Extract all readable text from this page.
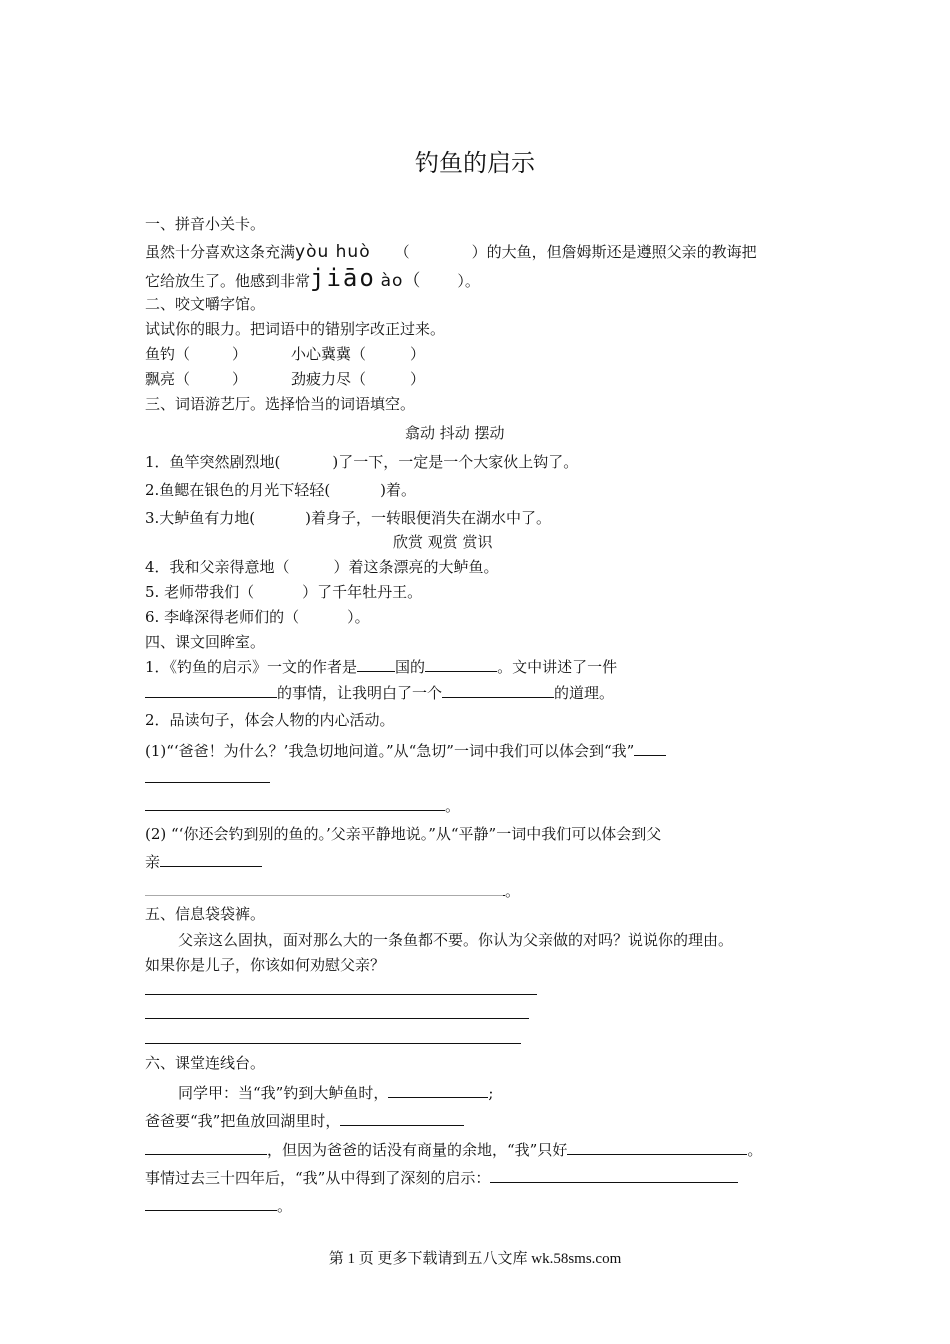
钓鱼的启示
一、拼音小关卡。
虽然十分喜欢这条充满yòu huò （	）的大鱼，但詹姆斯还是遵照父亲的教诲把
它给放生了。他感到非常jiāo ào（ ）。
二、咬文嚼字馆。
试试你的眼力。把词语中的错别字改正过来。
鱼钓（	）	小心冀冀（	）
飘亮（	）	劲疲力尽（	）
三、词语游艺厅。选择恰当的词语填空。
翕动 抖动 摆动
1．鱼竿突然剧烈地(	)了一下，一定是一个大家伙上钩了。
2.鱼鳃在银色的月光下轻轻(	)着。
3.大鲈鱼有力地(	)着身子，一转眼便消失在湖水中了。
欣赏 观赏 赏识
4．我和父亲得意地（	）着这条漂亮的大鲈鱼。
5. 老师带我们（	）了千年牡丹王。
6. 李峰深得老师们的（	）。
四、课文回眸室。
1．《钓鱼的启示》一文的作者是	国的	。文中讲述了一件
的事情，让我明白了一个	的道理。
2．品读句子，体会人物的内心活动。
(1)“‘爸爸！为什么？’我急切地问道。”从“急切”一词中我们可以体会到“我”
。
(2) “‘你还会钓到别的鱼的。’父亲平静地说。”从“平静”一词中我们可以体会到父
亲
。
五、信息袋袋裤。
父亲这么固执，面对那么大的一条鱼都不要。你认为父亲做的对吗？说说你的理由。
如果你是儿子，你该如何劝慰父亲？
六、课堂连线台。
同学甲：当“我”钓到大鲈鱼时，	;
爸爸要“我”把鱼放回湖里时，
，但因为爸爸的话没有商量的余地，“我”只好	。
事情过去三十四年后，“我”从中得到了深刻的启示：
。
第 1 页 更多下载请到五八文库 wk.58sms.com
